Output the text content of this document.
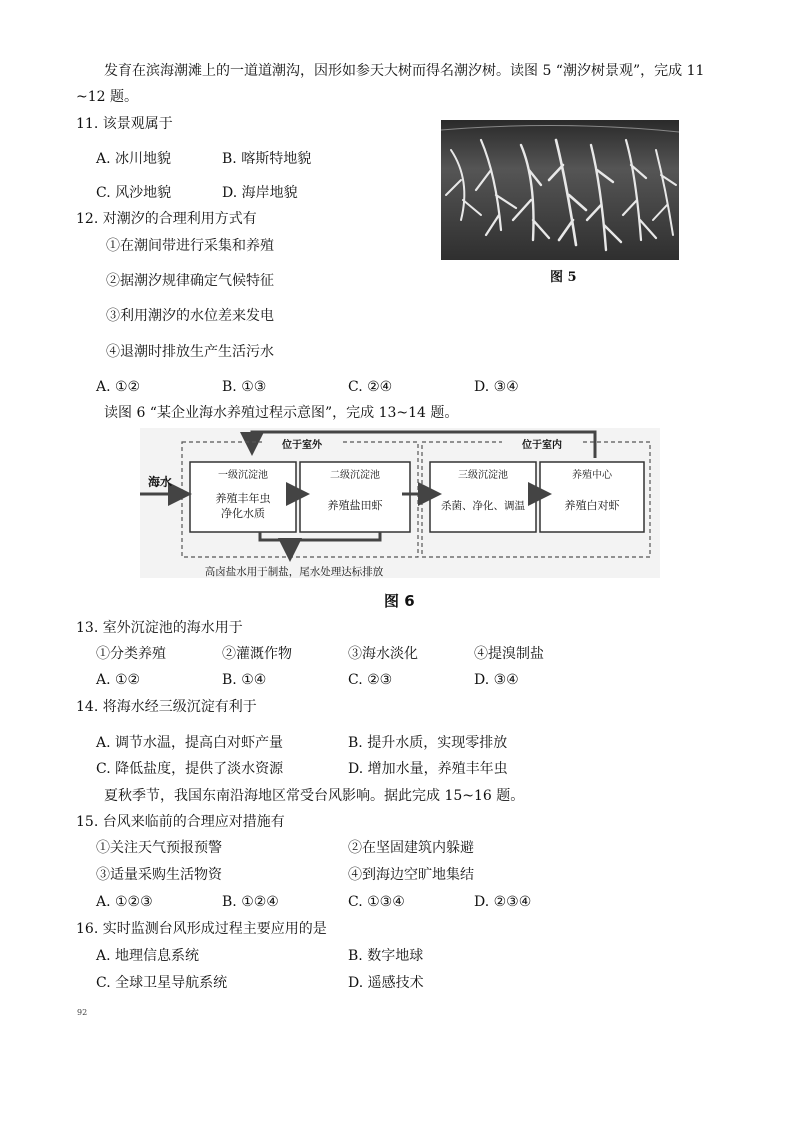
发育在滨海潮滩上的一道道潮沟，因形如参天大树而得名潮汐树。读图 5 “潮汐树景观”，完成 11
~12 题。
11. 该景观属于
A. 冰川地貌	B. 喀斯特地貌
C. 风沙地貌	D. 海岸地貌
12. 对潮汐的合理利用方式有
①在潮间带进行采集和养殖
②据潮汐规律确定气候特征
③利用潮汐的水位差来发电
④退潮时排放生产生活污水
A. ①②	B. ①③	C. ②④	D. ③④
图 5
读图 6 “某企业海水养殖过程示意图”，完成 13~14 题。
位于室外	位于室内
海水	一级沉淀池
养殖丰年虫
净化水质
二级沉淀池
养殖盐田虾
三级沉淀池
杀菌、净化、调温
养殖中心
养殖白对虾
高卤盐水用于制盐，尾水处理达标排放
图 6
13. 室外沉淀池的海水用于
①分类养殖	②灌溉作物	③海水淡化	④提溴制盐
A. ①②	B. ①④	C. ②③	D. ③④
14. 将海水经三级沉淀有利于
A. 调节水温，提高白对虾产量	B. 提升水质，实现零排放
C. 降低盐度，提供了淡水资源	D. 增加水量，养殖丰年虫
夏秋季节，我国东南沿海地区常受台风影响。据此完成 15~16 题。
15. 台风来临前的合理应对措施有
①关注天气预报预警	②在坚固建筑内躲避
③适量采购生活物资	④到海边空旷地集结
A. ①②③	B. ①②④	C. ①③④	D. ②③④
16. 实时监测台风形成过程主要应用的是
A. 地理信息系统	B. 数字地球
C. 全球卫星导航系统	D. 遥感技术
92
